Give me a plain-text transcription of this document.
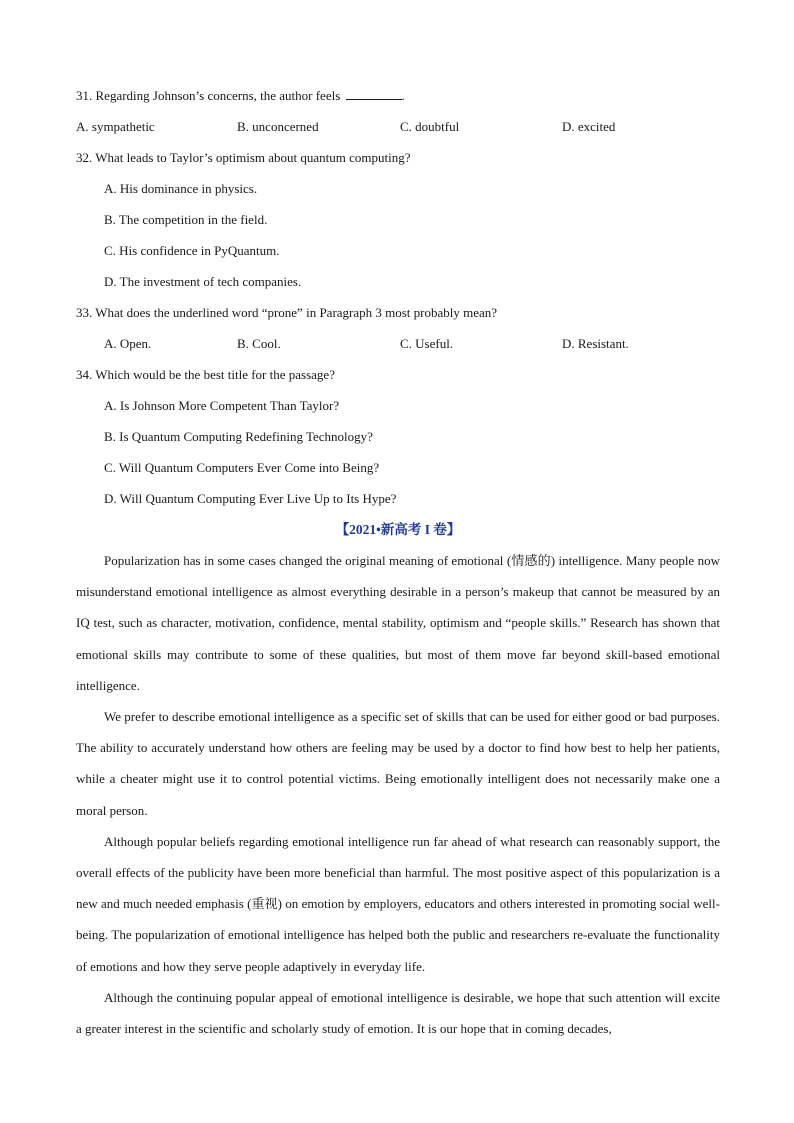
31. Regarding Johnson’s concerns, the author feels	.
A. sympathetic	B. unconcerned	C. doubtful	D. excited
32. What leads to Taylor’s optimism about quantum computing?
A. His dominance in physics.
B. The competition in the field.
C. His confidence in PyQuantum.
D. The investment of tech companies.
33. What does the underlined word “prone” in Paragraph 3 most probably mean?
A. Open.	B. Cool.	C. Useful.	D. Resistant.
34. Which would be the best title for the passage?
A. Is Johnson More Competent Than Taylor?
B. Is Quantum Computing Redefining Technology?
C. Will Quantum Computers Ever Come into Being?
D. Will Quantum Computing Ever Live Up to Its Hype?
【2021•新高考 I 卷】

Popularization has in some cases changed the original meaning of emotional (情感的) intelligence. Many people now misunderstand emotional intelligence as almost everything desirable in a person’s makeup that cannot be measured by an IQ test, such as character, motivation, confidence, mental stability, optimism and “people skills.” Research has shown that emotional skills may contribute to some of these qualities, but most of them move far beyond skill-based emotional intelligence.

We prefer to describe emotional intelligence as a specific set of skills that can be used for either good or bad purposes. The ability to accurately understand how others are feeling may be used by a doctor to find how best to help her patients, while a cheater might use it to control potential victims. Being emotionally intelligent does not necessarily make one a moral person.

Although popular beliefs regarding emotional intelligence run far ahead of what research can reasonably support, the overall effects of the publicity have been more beneficial than harmful. The most positive aspect of this popularization is a new and much needed emphasis (重视) on emotion by employers, educators and others interested in promoting social well-being. The popularization of emotional intelligence has helped both the public and researchers re-evaluate the functionality of emotions and how they serve people adaptively in everyday life.

Although the continuing popular appeal of emotional intelligence is desirable, we hope that such attention will excite a greater interest in the scientific and scholarly study of emotion. It is our hope that in coming decades,
